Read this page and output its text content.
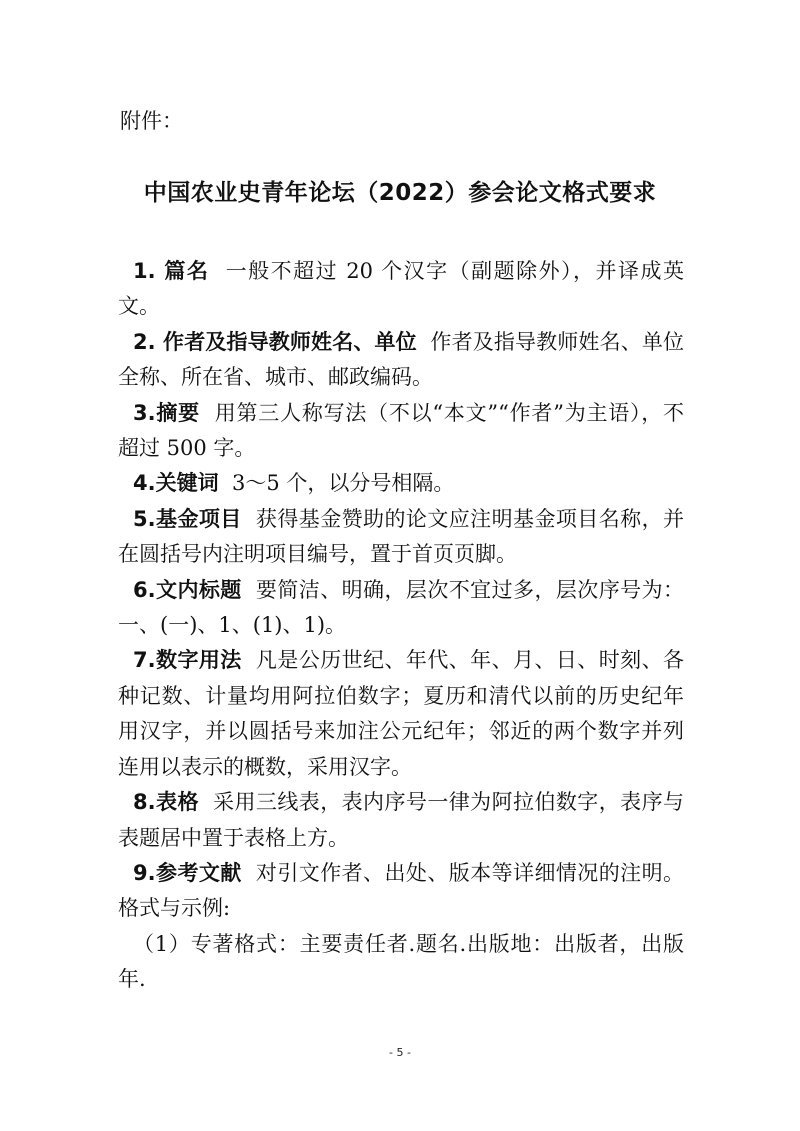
附件：

中国农业史青年论坛（2022）参会论文格式要求

1. 篇名 一般不超过 20 个汉字（副题除外），并译成英文。

2. 作者及指导教师姓名、单位 作者及指导教师姓名、单位全称、所在省、城市、邮政编码。

3.摘要 用第三人称写法（不以“本文”“作者”为主语），不超过 500 字。

4.关键词 3～5 个，以分号相隔。

5.基金项目 获得基金赞助的论文应注明基金项目名称，并在圆括号内注明项目编号，置于首页页脚。

6.文内标题 要简洁、明确，层次不宜过多，层次序号为：一、(一)、1、(1)、1)。

7.数字用法 凡是公历世纪、年代、年、月、日、时刻、各种记数、计量均用阿拉伯数字；夏历和清代以前的历史纪年用汉字，并以圆括号来加注公元纪年；邻近的两个数字并列连用以表示的概数，采用汉字。

8.表格 采用三线表，表内序号一律为阿拉伯数字，表序与表题居中置于表格上方。

9.参考文献 对引文作者、出处、版本等详细情况的注明。格式与示例:

（1）专著格式：主要责任者.题名.出版地：出版者，出版年.

- 5 -
